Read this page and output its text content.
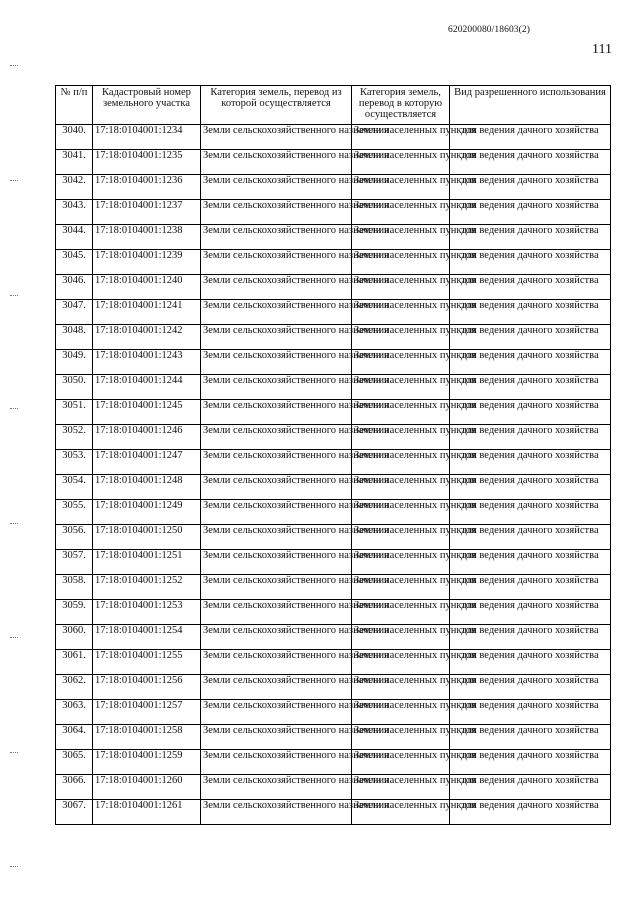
620200080/18603(2)
111
№ п/п	Кадастровый номер земельного участка	Категория земель, перевод из которой осуществляется	Категория земель, перевод в которую осуществляется	Вид разрешенного использования
3040.	17:18:0104001:1234	Земли сельскохозяйственного назначения	Земли населенных пунктов	для ведения дачного хозяйства
3041.	17:18:0104001:1235	Земли сельскохозяйственного назначения	Земли населенных пунктов	для ведения дачного хозяйства
3042.	17:18:0104001:1236	Земли сельскохозяйственного назначения	Земли населенных пунктов	для ведения дачного хозяйства
3043.	17:18:0104001:1237	Земли сельскохозяйственного назначения	Земли населенных пунктов	для ведения дачного хозяйства
3044.	17:18:0104001:1238	Земли сельскохозяйственного назначения	Земли населенных пунктов	для ведения дачного хозяйства
3045.	17:18:0104001:1239	Земли сельскохозяйственного назначения	Земли населенных пунктов	для ведения дачного хозяйства
3046.	17:18:0104001:1240	Земли сельскохозяйственного назначения	Земли населенных пунктов	для ведения дачного хозяйства
3047.	17:18:0104001:1241	Земли сельскохозяйственного назначения	Земли населенных пунктов	для ведения дачного хозяйства
3048.	17:18:0104001:1242	Земли сельскохозяйственного назначения	Земли населенных пунктов	для ведения дачного хозяйства
3049.	17:18:0104001:1243	Земли сельскохозяйственного назначения	Земли населенных пунктов	для ведения дачного хозяйства
3050.	17:18:0104001:1244	Земли сельскохозяйственного назначения	Земли населенных пунктов	для ведения дачного хозяйства
3051.	17:18:0104001:1245	Земли сельскохозяйственного назначения	Земли населенных пунктов	для ведения дачного хозяйства
3052.	17:18:0104001:1246	Земли сельскохозяйственного назначения	Земли населенных пунктов	для ведения дачного хозяйства
3053.	17:18:0104001:1247	Земли сельскохозяйственного назначения	Земли населенных пунктов	для ведения дачного хозяйства
3054.	17:18:0104001:1248	Земли сельскохозяйственного назначения	Земли населенных пунктов	для ведения дачного хозяйства
3055.	17:18:0104001:1249	Земли сельскохозяйственного назначения	Земли населенных пунктов	для ведения дачного хозяйства
3056.	17:18:0104001:1250	Земли сельскохозяйственного назначения	Земли населенных пунктов	для ведения дачного хозяйства
3057.	17:18:0104001:1251	Земли сельскохозяйственного назначения	Земли населенных пунктов	для ведения дачного хозяйства
3058.	17:18:0104001:1252	Земли сельскохозяйственного назначения	Земли населенных пунктов	для ведения дачного хозяйства
3059.	17:18:0104001:1253	Земли сельскохозяйственного назначения	Земли населенных пунктов	для ведения дачного хозяйства
3060.	17:18:0104001:1254	Земли сельскохозяйственного назначения	Земли населенных пунктов	для ведения дачного хозяйства
3061.	17:18:0104001:1255	Земли сельскохозяйственного назначения	Земли населенных пунктов	для ведения дачного хозяйства
3062.	17:18:0104001:1256	Земли сельскохозяйственного назначения	Земли населенных пунктов	для ведения дачного хозяйства
3063.	17:18:0104001:1257	Земли сельскохозяйственного назначения	Земли населенных пунктов	для ведения дачного хозяйства
3064.	17:18:0104001:1258	Земли сельскохозяйственного назначения	Земли населенных пунктов	для ведения дачного хозяйства
3065.	17:18:0104001:1259	Земли сельскохозяйственного назначения	Земли населенных пунктов	для ведения дачного хозяйства
3066.	17:18:0104001:1260	Земли сельскохозяйственного назначения	Земли населенных пунктов	для ведения дачного хозяйства
3067.	17:18:0104001:1261	Земли сельскохозяйственного назначения	Земли населенных пунктов	для ведения дачного хозяйства
